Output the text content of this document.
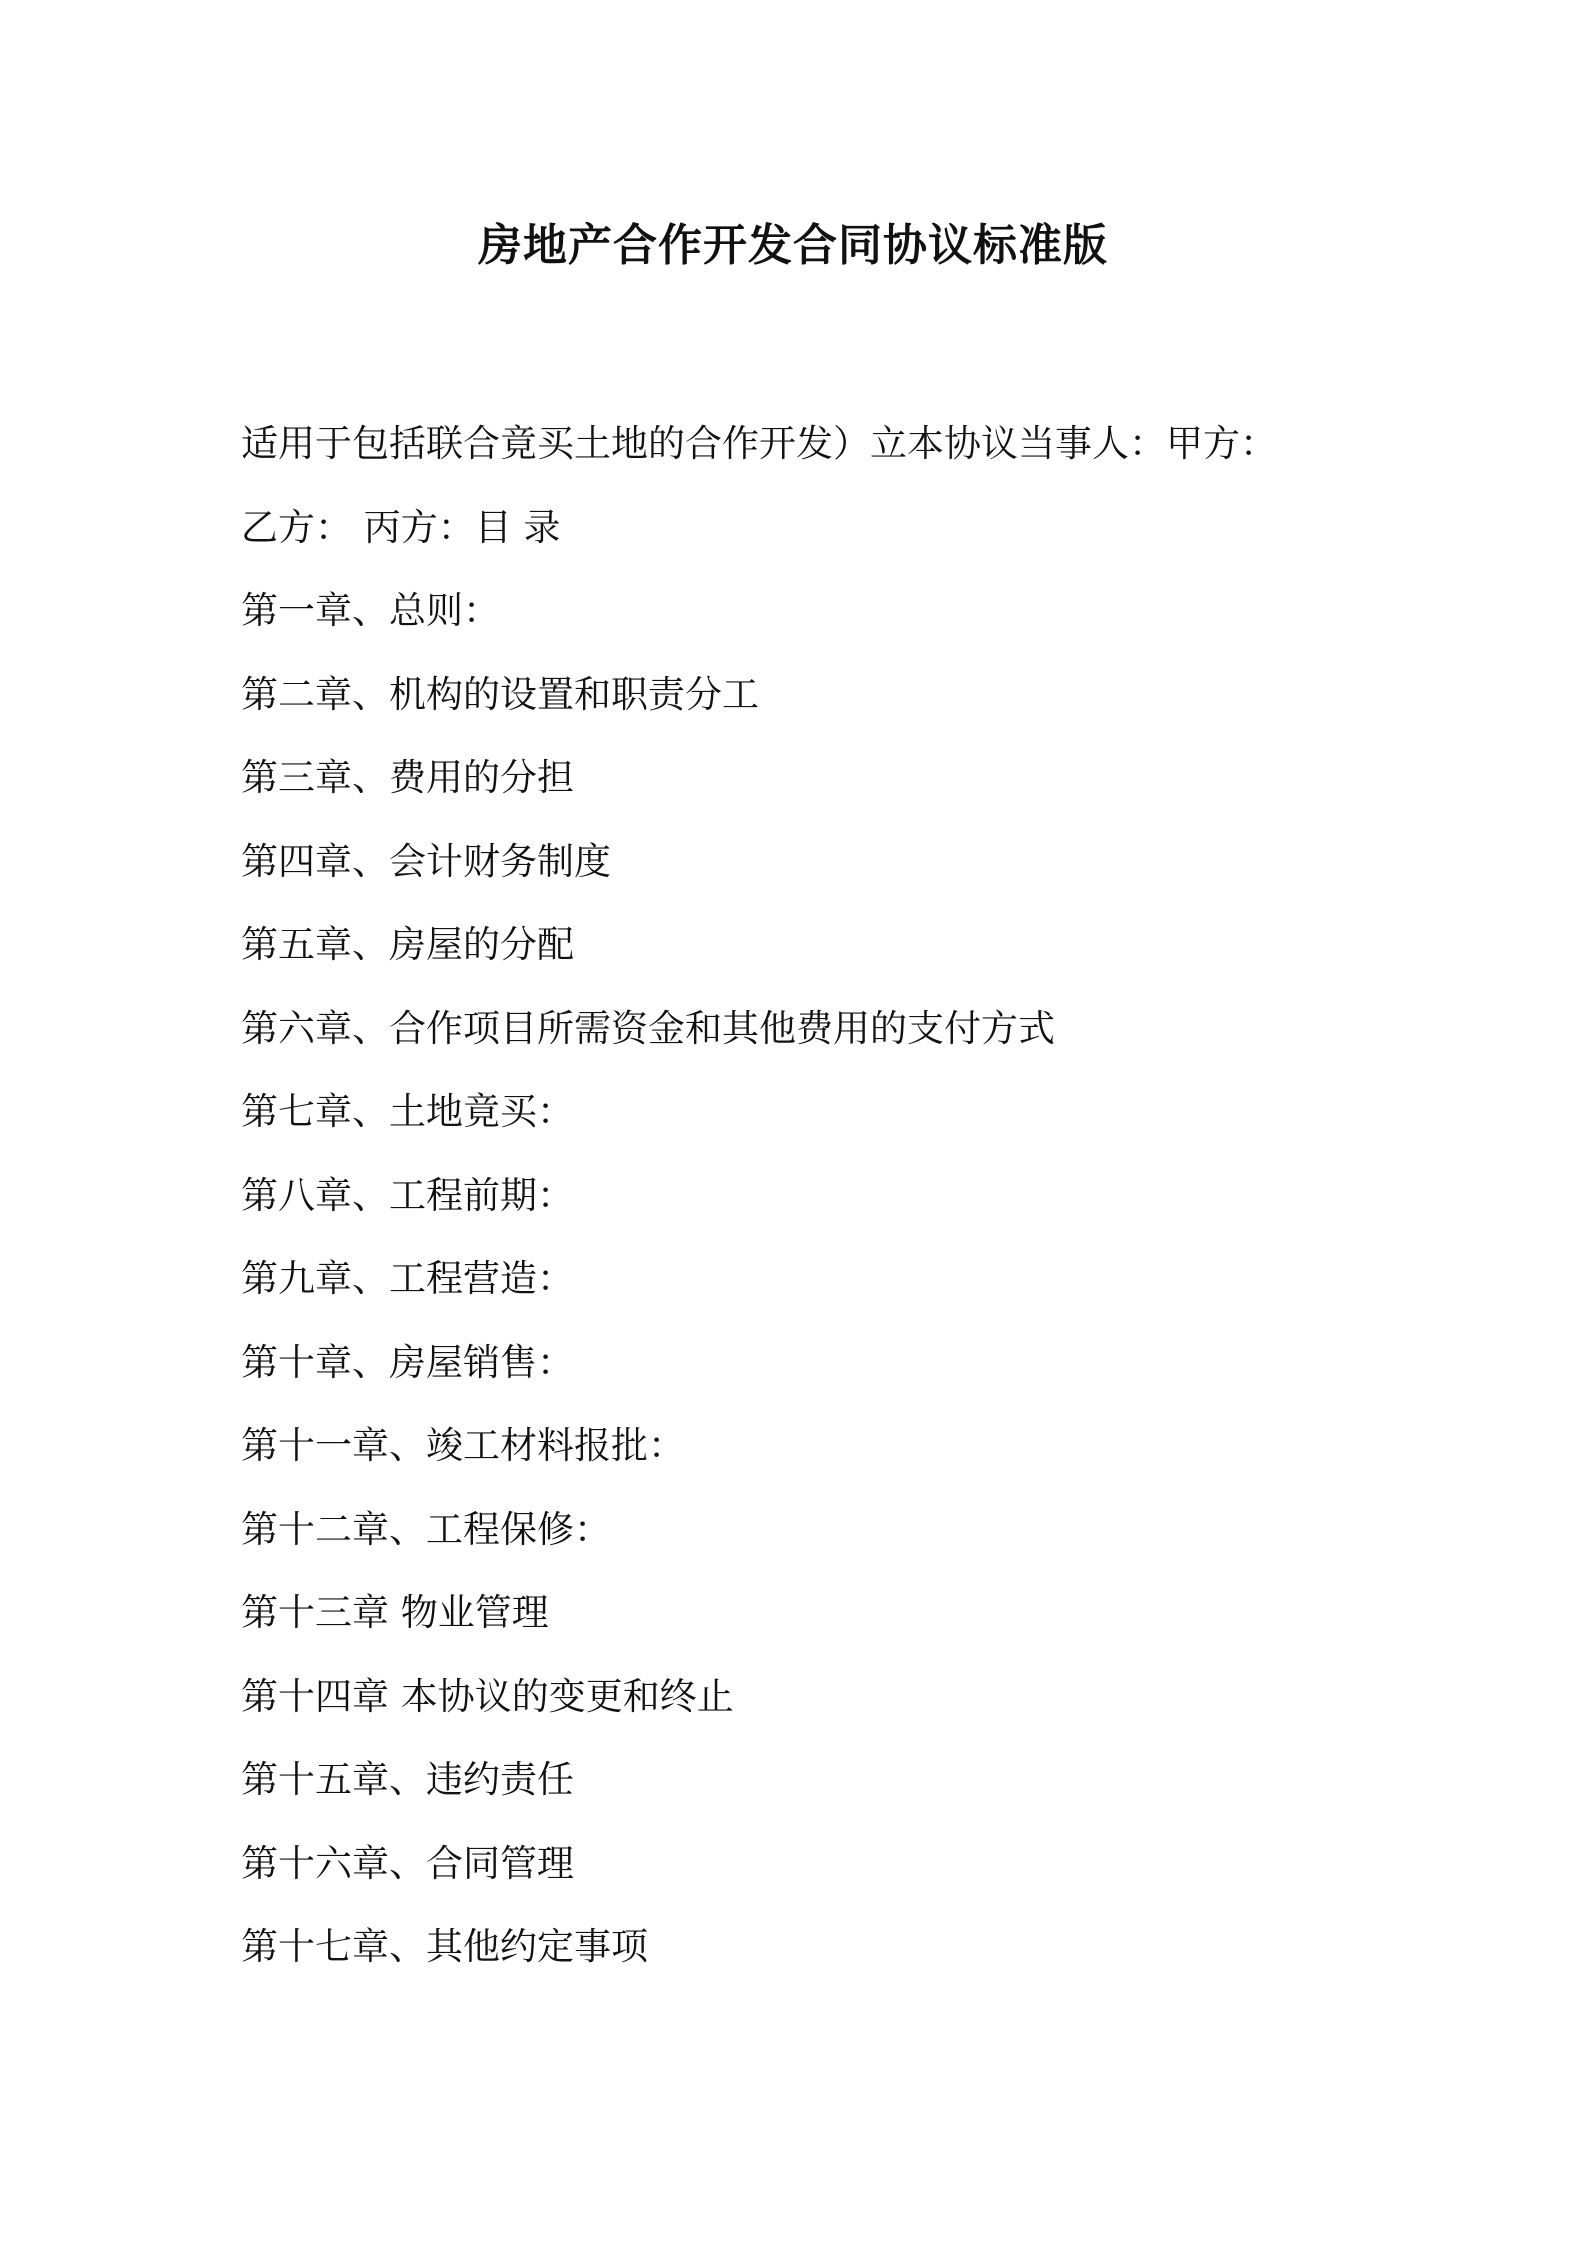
房地产合作开发合同协议标准版
适用于包括联合竟买土地的合作开发）立本协议当事人：甲方：
乙方： 丙方：目 录
第一章、总则：
第二章、机构的设置和职责分工
第三章、费用的分担
第四章、会计财务制度
第五章、房屋的分配
第六章、合作项目所需资金和其他费用的支付方式
第七章、土地竟买：
第八章、工程前期：
第九章、工程营造：
第十章、房屋销售：
第十一章、竣工材料报批：
第十二章、工程保修：
第十三章 物业管理
第十四章 本协议的变更和终止
第十五章、违约责任
第十六章、合同管理
第十七章、其他约定事项
